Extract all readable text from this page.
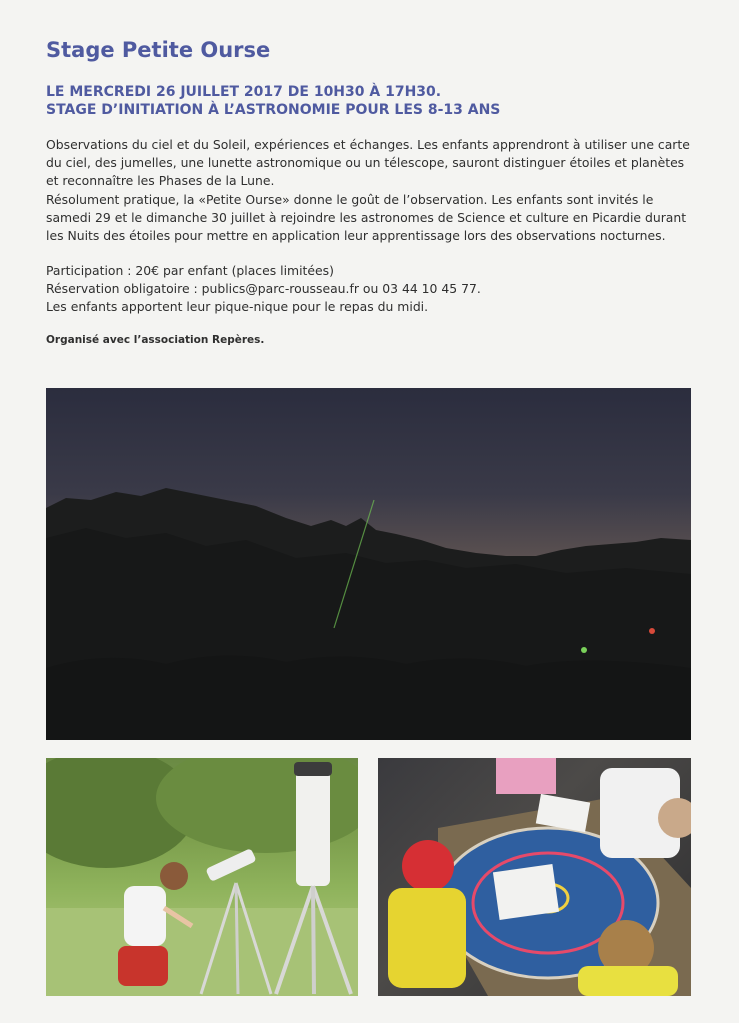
Stage Petite Ourse
LE MERCREDI 26 JUILLET 2017 DE 10H30 À 17H30.
STAGE D’INITIATION À L’ASTRONOMIE POUR LES 8-13 ANS

Observations du ciel et du Soleil, expériences et échanges. Les enfants apprendront à utiliser une carte du ciel, des jumelles, une lunette astronomique ou un télescope, sauront distinguer étoiles et planètes et reconnaître les Phases de la Lune.

Résolument pratique, la «Petite Ourse» donne le goût de l’observation. Les enfants sont invités le samedi 29 et le dimanche 30 juillet à rejoindre les astronomes de Science et culture en Picardie durant les Nuits des étoiles pour mettre en application leur apprentissage lors des observations nocturnes.

Participation : 20€ par enfant (places limitées)

Réservation obligatoire : publics@parc-rousseau.fr ou 03 44 10 45 77.

Les enfants apportent leur pique-nique pour le repas du midi.

Organisé avec l’association Repères.
